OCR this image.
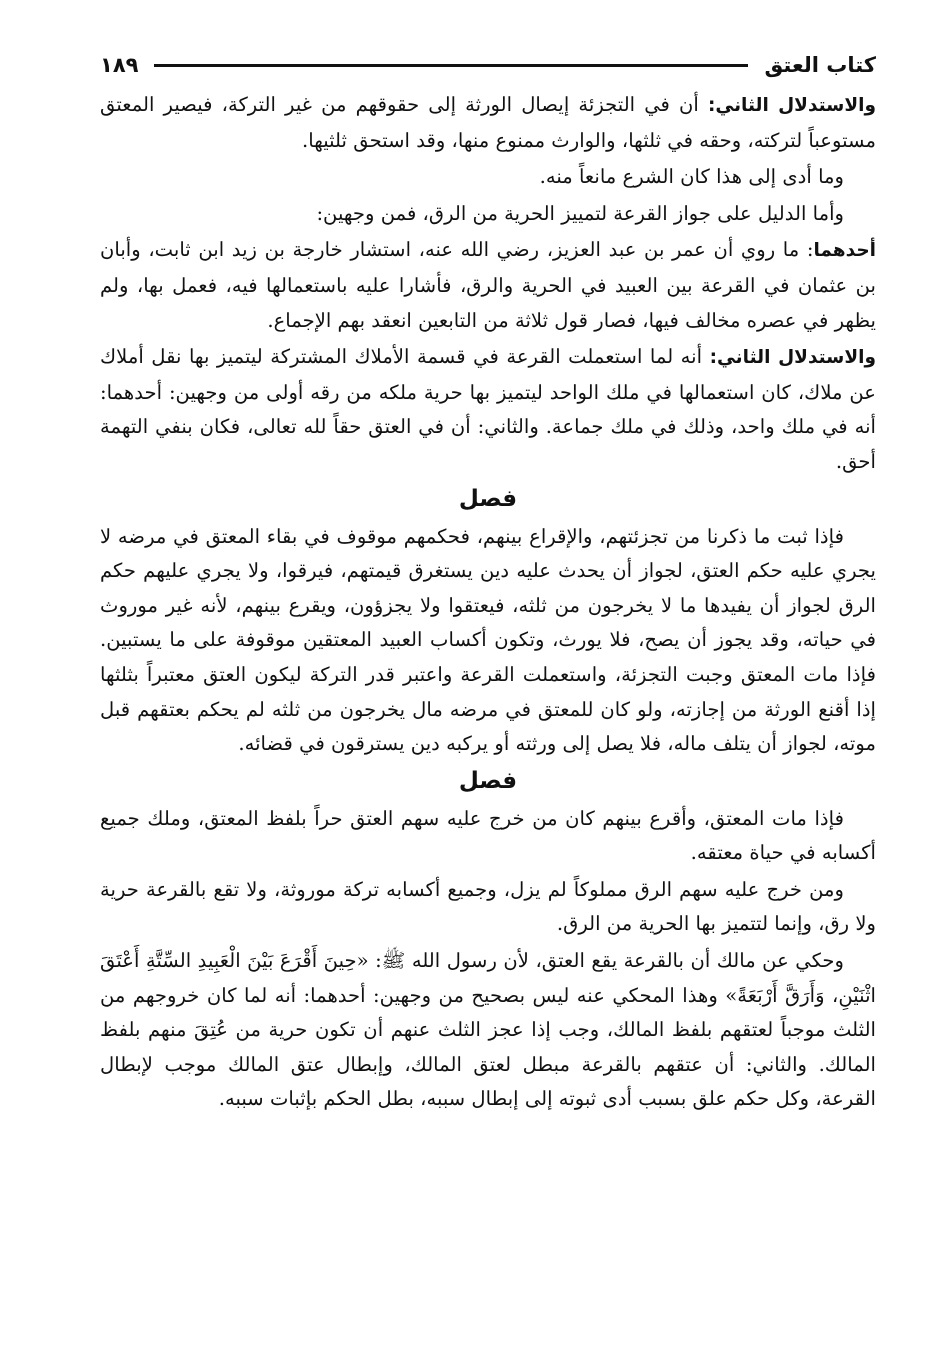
كتاب العتق
١٨٩

والاستدلال الثاني: أن في التجزئة إيصال الورثة إلى حقوقهم من غير التركة، فيصير المعتق مستوعباً لتركته، وحقه في ثلثها، والوارث ممنوع منها، وقد استحق ثلثيها.

وما أدى إلى هذا كان الشرع مانعاً منه.

وأما الدليل على جواز القرعة لتمييز الحرية من الرق، فمن وجهين:

أحدهما: ما روي أن عمر بن عبد العزيز، رضي الله عنه، استشار خارجة بن زيد ابن ثابت، وأبان بن عثمان في القرعة بين العبيد في الحرية والرق، فأشارا عليه باستعمالها فيه، فعمل بها، ولم يظهر في عصره مخالف فيها، فصار قول ثلاثة من التابعين انعقد بهم الإجماع.

والاستدلال الثاني: أنه لما استعملت القرعة في قسمة الأملاك المشتركة ليتميز بها نقل أملاك عن ملاك، كان استعمالها في ملك الواحد ليتميز بها حرية ملكه من رقه أولى من وجهين: أحدهما: أنه في ملك واحد، وذلك في ملك جماعة. والثاني: أن في العتق حقاً لله تعالى، فكان بنفي التهمة أحق.

فصل

فإذا ثبت ما ذكرنا من تجزئتهم، والإقراع بينهم، فحكمهم موقوف في بقاء المعتق في مرضه لا يجري عليه حكم العتق، لجواز أن يحدث عليه دين يستغرق قيمتهم، فيرقوا، ولا يجري عليهم حكم الرق لجواز أن يفيدها ما لا يخرجون من ثلثه، فيعتقوا ولا يجزؤون، ويقرع بينهم، لأنه غير موروث في حياته، وقد يجوز أن يصح، فلا يورث، وتكون أكساب العبيد المعتقين موقوفة على ما يستبين. فإذا مات المعتق وجبت التجزئة، واستعملت القرعة واعتبر قدر التركة ليكون العتق معتبراً بثلثها إذا أقنع الورثة من إجازته، ولو كان للمعتق في مرضه مال يخرجون من ثلثه لم يحكم بعتقهم قبل موته، لجواز أن يتلف ماله، فلا يصل إلى ورثته أو يركبه دين يسترقون في قضائه.

فصل

فإذا مات المعتق، وأقرع بينهم كان من خرج عليه سهم العتق حراً بلفظ المعتق، وملك جميع أكسابه في حياة معتقه.

ومن خرج عليه سهم الرق مملوكاً لم يزل، وجميع أكسابه تركة موروثة، ولا تقع بالقرعة حرية ولا رق، وإنما لتتميز بها الحرية من الرق.

وحكي عن مالك أن بالقرعة يقع العتق، لأن رسول الله ﷺ: «حِينَ أَقْرَعَ بَيْنَ الْعَبِيدِ السِّتَّةِ أَعْتَقَ اثْنَيْنِ، وَأَرَقَّ أَرْبَعَةً» وهذا المحكي عنه ليس بصحيح من وجهين: أحدهما: أنه لما كان خروجهم من الثلث موجباً لعتقهم بلفظ المالك، وجب إذا عجز الثلث عنهم أن تكون حرية من عُتِقَ منهم بلفظ المالك. والثاني: أن عتقهم بالقرعة مبطل لعتق المالك، وإبطال عتق المالك موجب لإبطال القرعة، وكل حكم علق بسبب أدى ثبوته إلى إبطال سببه، بطل الحكم بإثبات سببه.
